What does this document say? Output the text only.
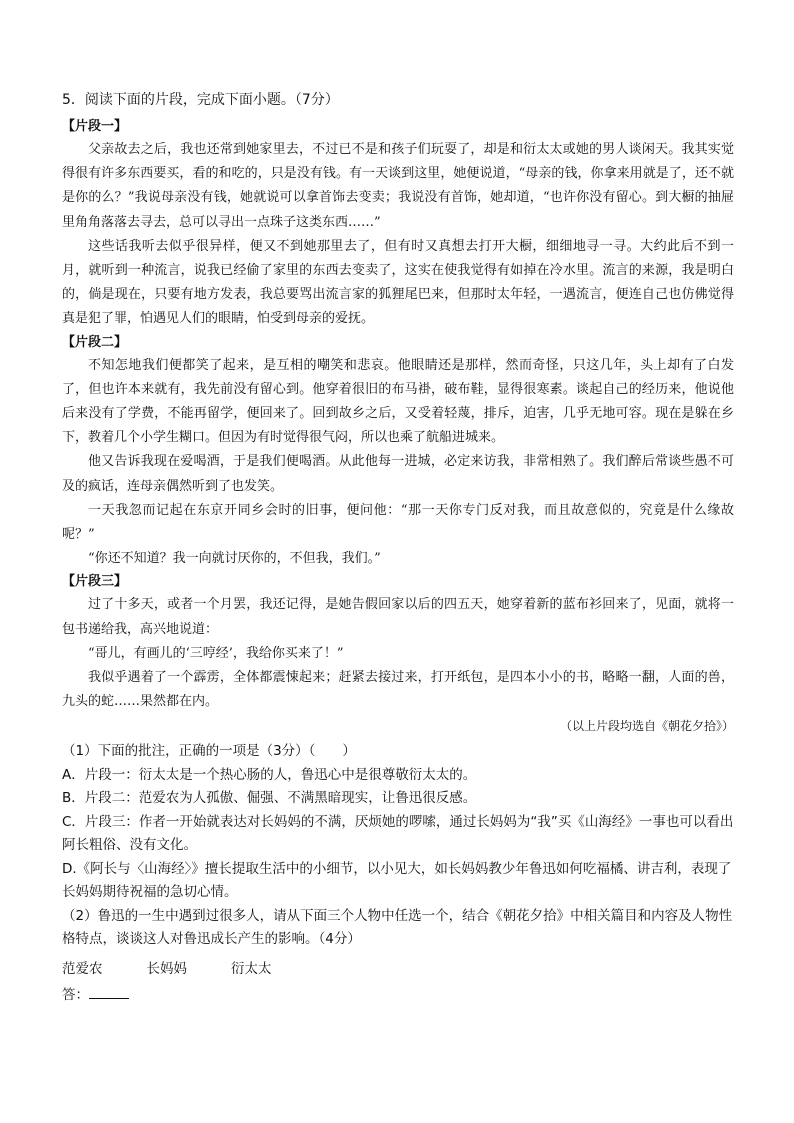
5．阅读下面的片段，完成下面小题。（7分）

【片段一】

父亲故去之后，我也还常到她家里去，不过已不是和孩子们玩耍了，却是和衍太太或她的男人谈闲天。我其实觉得很有许多东西要买，看的和吃的，只是没有钱。有一天谈到这里，她便说道，“母亲的钱，你拿来用就是了，还不就是你的么？”我说母亲没有钱，她就说可以拿首饰去变卖；我说没有首饰，她却道，“也许你没有留心。到大橱的抽屉里角角落落去寻去，总可以寻出一点珠子这类东西……”

这些话我听去似乎很异样，便又不到她那里去了，但有时又真想去打开大橱，细细地寻一寻。大约此后不到一月，就听到一种流言，说我已经偷了家里的东西去变卖了，这实在使我觉得有如掉在冷水里。流言的来源，我是明白的，倘是现在，只要有地方发表，我总要骂出流言家的狐狸尾巴来，但那时太年轻，一遇流言，便连自己也仿佛觉得真是犯了罪，怕遇见人们的眼睛，怕受到母亲的爱抚。

【片段二】

不知怎地我们便都笑了起来，是互相的嘲笑和悲哀。他眼睛还是那样，然而奇怪，只这几年，头上却有了白发了，但也许本来就有，我先前没有留心到。他穿着很旧的布马褂，破布鞋，显得很寒素。谈起自己的经历来，他说他后来没有了学费，不能再留学，便回来了。回到故乡之后，又受着轻蔑，排斥，迫害，几乎无地可容。现在是躲在乡下，教着几个小学生糊口。但因为有时觉得很气闷，所以也乘了航船进城来。

他又告诉我现在爱喝酒，于是我们便喝酒。从此他每一进城，必定来访我，非常相熟了。我们醉后常谈些愚不可及的疯话，连母亲偶然听到了也发笑。

一天我忽而记起在东京开同乡会时的旧事，便问他：“那一天你专门反对我，而且故意似的，究竟是什么缘故呢？”

“你还不知道？我一向就讨厌你的，不但我，我们。”

【片段三】

过了十多天，或者一个月罢，我还记得，是她告假回家以后的四五天，她穿着新的蓝布衫回来了，见面，就将一包书递给我，高兴地说道：

“哥儿，有画儿的‘三哼经’，我给你买来了！”

我似乎遇着了一个霹雳，全体都震悚起来；赶紧去接过来，打开纸包，是四本小小的书，略略一翻，人面的兽，九头的蛇……果然都在内。

（以上片段均选自《朝花夕拾》）

（1）下面的批注，正确的一项是（3分）（　　）

A．片段一：衍太太是一个热心肠的人，鲁迅心中是很尊敬衍太太的。

B．片段二：范爱农为人孤傲、倔强、不满黑暗现实，让鲁迅很反感。

C．片段三：作者一开始就表达对长妈妈的不满，厌烦她的啰嗦，通过长妈妈为“我”买《山海经》一事也可以看出阿长粗俗、没有文化。

D.《阿长与〈山海经〉》擅长提取生活中的小细节，以小见大，如长妈妈教少年鲁迅如何吃福橘、讲吉利，表现了长妈妈期待祝福的急切心情。

（2）鲁迅的一生中遇到过很多人，请从下面三个人物中任选一个，结合《朝花夕拾》中相关篇目和内容及人物性格特点，谈谈这人对鲁迅成长产生的影响。（4分）

范爱农	长妈妈	衍太太

答：
